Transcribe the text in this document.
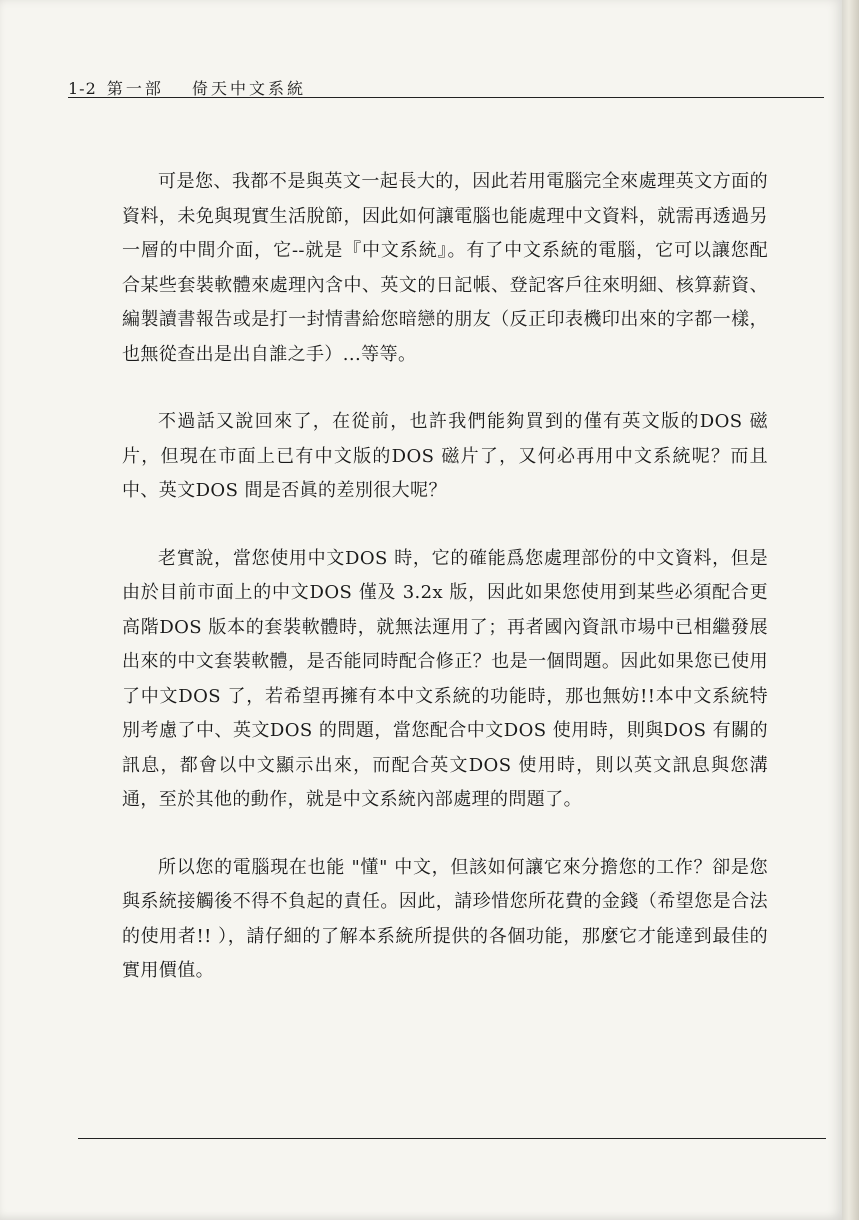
1-2 第一部 倚天中文系統

可是您、我都不是與英文一起長大的，因此若用電腦完全來處理英文方面的資料，未免與現實生活脫節，因此如何讓電腦也能處理中文資料，就需再透過另一層的中間介面，它--就是『中文系統』。有了中文系統的電腦，它可以讓您配合某些套裝軟體來處理內含中、英文的日記帳、登記客戶往來明細、核算薪資、編製讀書報告或是打一封情書給您暗戀的朋友（反正印表機印出來的字都一樣，也無從查出是出自誰之手）...等等。

不過話又說回來了，在從前，也許我們能夠買到的僅有英文版的DOS 磁片，但現在市面上已有中文版的DOS 磁片了，又何必再用中文系統呢？而且中、英文DOS 間是否眞的差別很大呢？

老實說，當您使用中文DOS 時，它的確能爲您處理部份的中文資料，但是由於目前市面上的中文DOS 僅及 3.2x 版，因此如果您使用到某些必須配合更高階DOS 版本的套裝軟體時，就無法運用了；再者國內資訊市場中已相繼發展出來的中文套裝軟體，是否能同時配合修正？也是一個問題。因此如果您已使用了中文DOS 了，若希望再擁有本中文系統的功能時，那也無妨!!本中文系統特別考慮了中、英文DOS 的問題，當您配合中文DOS 使用時，則與DOS 有關的訊息，都會以中文顯示出來，而配合英文DOS 使用時，則以英文訊息與您溝通，至於其他的動作，就是中文系統內部處理的問題了。

所以您的電腦現在也能 "懂" 中文，但該如何讓它來分擔您的工作？卻是您與系統接觸後不得不負起的責任。因此，請珍惜您所花費的金錢（希望您是合法的使用者!! ），請仔細的了解本系統所提供的各個功能，那麼它才能達到最佳的實用價值。
